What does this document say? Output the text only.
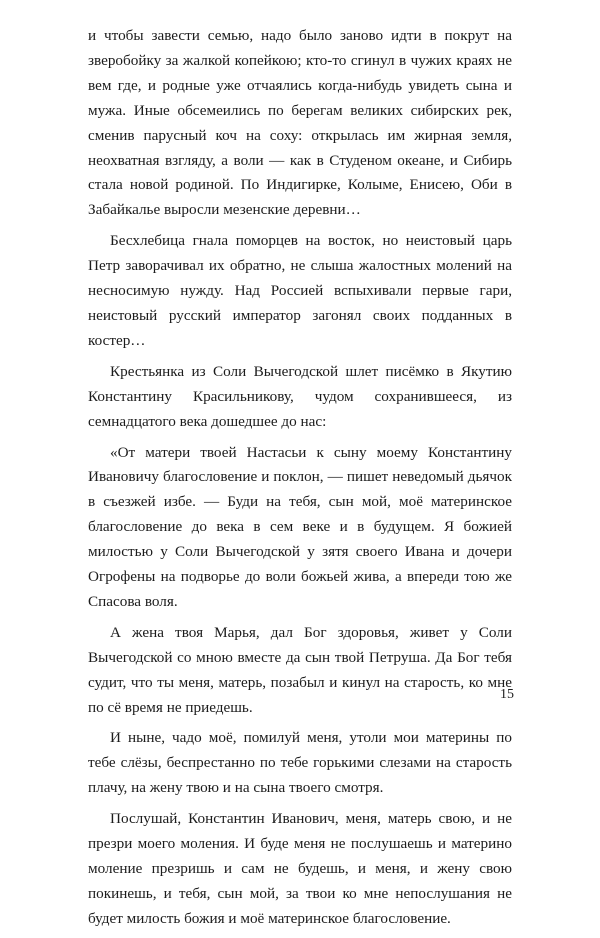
и чтобы завести семью, надо было заново идти в покрут на зверобойку за жалкой копейкою; кто-то сгинул в чужих краях не вем где, и родные уже отчаялись когда-нибудь увидеть сына и мужа. Иные обсемеились по берегам великих сибирских рек, сменив парусный коч на соху: открылась им жирная земля, неохватная взгляду, а воли — как в Студеном океане, и Сибирь стала новой родиной. По Индигирке, Колыме, Енисею, Оби в Забайкалье выросли мезенские деревни…

Бесхлебица гнала поморцев на восток, но неистовый царь Петр заворачивал их обратно, не слыша жалостных молений на несносимую нужду. Над Россией вспыхивали первые гари, неистовый русский император загонял своих подданных в костер…

Крестьянка из Соли Вычегодской шлет писёмко в Якутию Константину Красильникову, чудом сохранившееся, из семнадцатого века дошедшее до нас:

«От матери твоей Настасьи к сыну моему Константину Ивановичу благословение и поклон, — пишет неведомый дьячок в съезжей избе. — Буди на тебя, сын мой, моё материнское благословение до века в сем веке и в будущем. Я божией милостью у Соли Вычегодской у зятя своего Ивана и дочери Огрофены на подворье до воли божьей жива, а впереди тою же Спасова воля.

А жена твоя Марья, дал Бог здоровья, живет у Соли Вычегодской со мною вместе да сын твой Петруша. Да Бог тебя судит, что ты меня, матерь, позабыл и кинул на старость, ко мне по сё время не приедешь.

И ныне, чадо моё, помилуй меня, утоли мои материны по тебе слёзы, беспрестанно по тебе горькими слезами на старость плачу, на жену твою и на сына твоего смотря.

Послушай, Константин Иванович, меня, матерь свою, и не презри моего моления. И буде меня не послушаешь и материно моление презришь и сам не будешь, и меня, и жену свою покинешь, и тебя, сын мой, за твои ко мне непослушания не будет милость божия и моё материнское благословение.

15
